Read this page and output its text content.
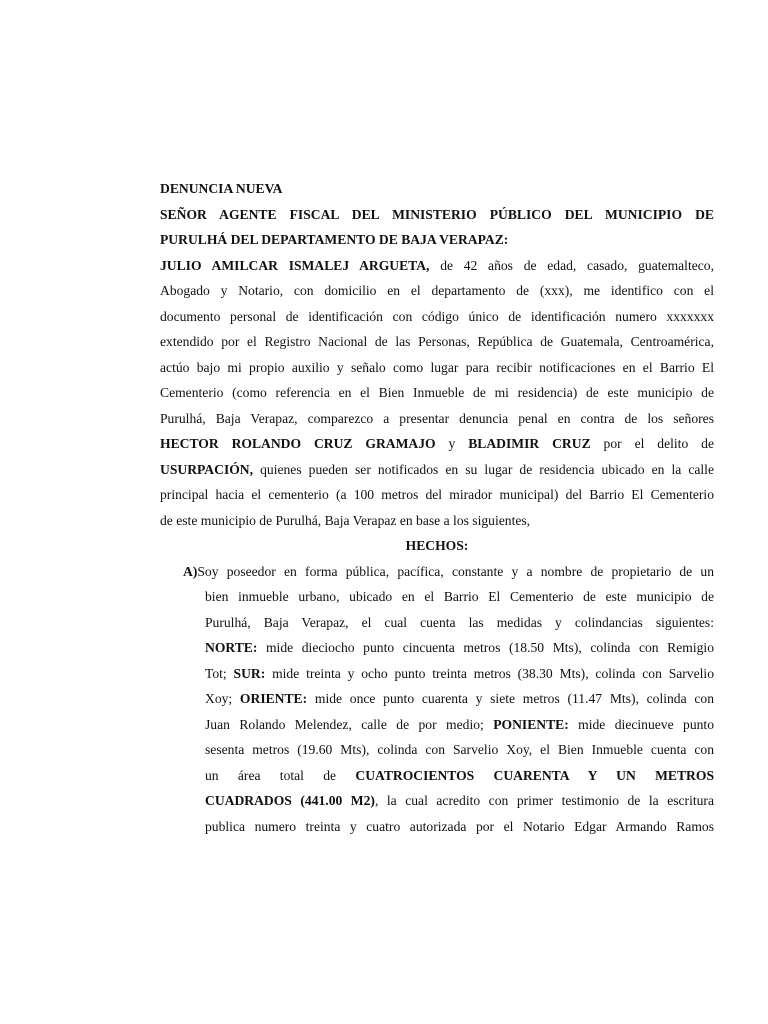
DENUNCIA NUEVA
SEÑOR AGENTE FISCAL DEL MINISTERIO PÚBLICO DEL MUNICIPIO DE
PURULHÁ DEL DEPARTAMENTO DE BAJA VERAPAZ:
JULIO AMILCAR ISMALEJ ARGUETA, de 42 años de edad, casado, guatemalteco,
Abogado y Notario, con domicilio en el departamento de (xxx), me identifico con el
documento personal de identificación con código único de identificación numero xxxxxxx
extendido por el Registro Nacional de las Personas, República de Guatemala, Centroamérica,
actúo bajo mi propio auxilio y señalo como lugar para recibir notificaciones en el Barrio El
Cementerio (como referencia en el Bien Inmueble de mi residencia) de este municipio de
Purulhá, Baja Verapaz, comparezco a presentar denuncia penal en contra de los señores
HECTOR ROLANDO CRUZ GRAMAJO y BLADIMIR CRUZ por el delito de
USURPACIÓN, quienes pueden ser notificados en su lugar de residencia ubicado en la calle
principal hacia el cementerio (a 100 metros del mirador municipal) del Barrio El Cementerio
de este municipio de Purulhá, Baja Verapaz en base a los siguientes,
HECHOS:
A)Soy poseedor en forma pública, pacífica, constante y a nombre de propietario de un
bien inmueble urbano, ubicado en el Barrio El Cementerio de este municipio de
Purulhá, Baja Verapaz, el cual cuenta las medidas y colindancias siguientes:
NORTE: mide dieciocho punto cincuenta metros (18.50 Mts), colinda con Remigio
Tot; SUR: mide treinta y ocho punto treinta metros (38.30 Mts), colinda con Sarvelio
Xoy; ORIENTE: mide once punto cuarenta y siete metros (11.47 Mts), colinda con
Juan Rolando Melendez, calle de por medio; PONIENTE: mide diecinueve punto
sesenta metros (19.60 Mts), colinda con Sarvelio Xoy, el Bien Inmueble cuenta con
un área total de CUATROCIENTOS CUARENTA Y UN METROS
CUADRADOS (441.00 M2), la cual acredito con primer testimonio de la escritura
publica numero treinta y cuatro autorizada por el Notario Edgar Armando Ramos
